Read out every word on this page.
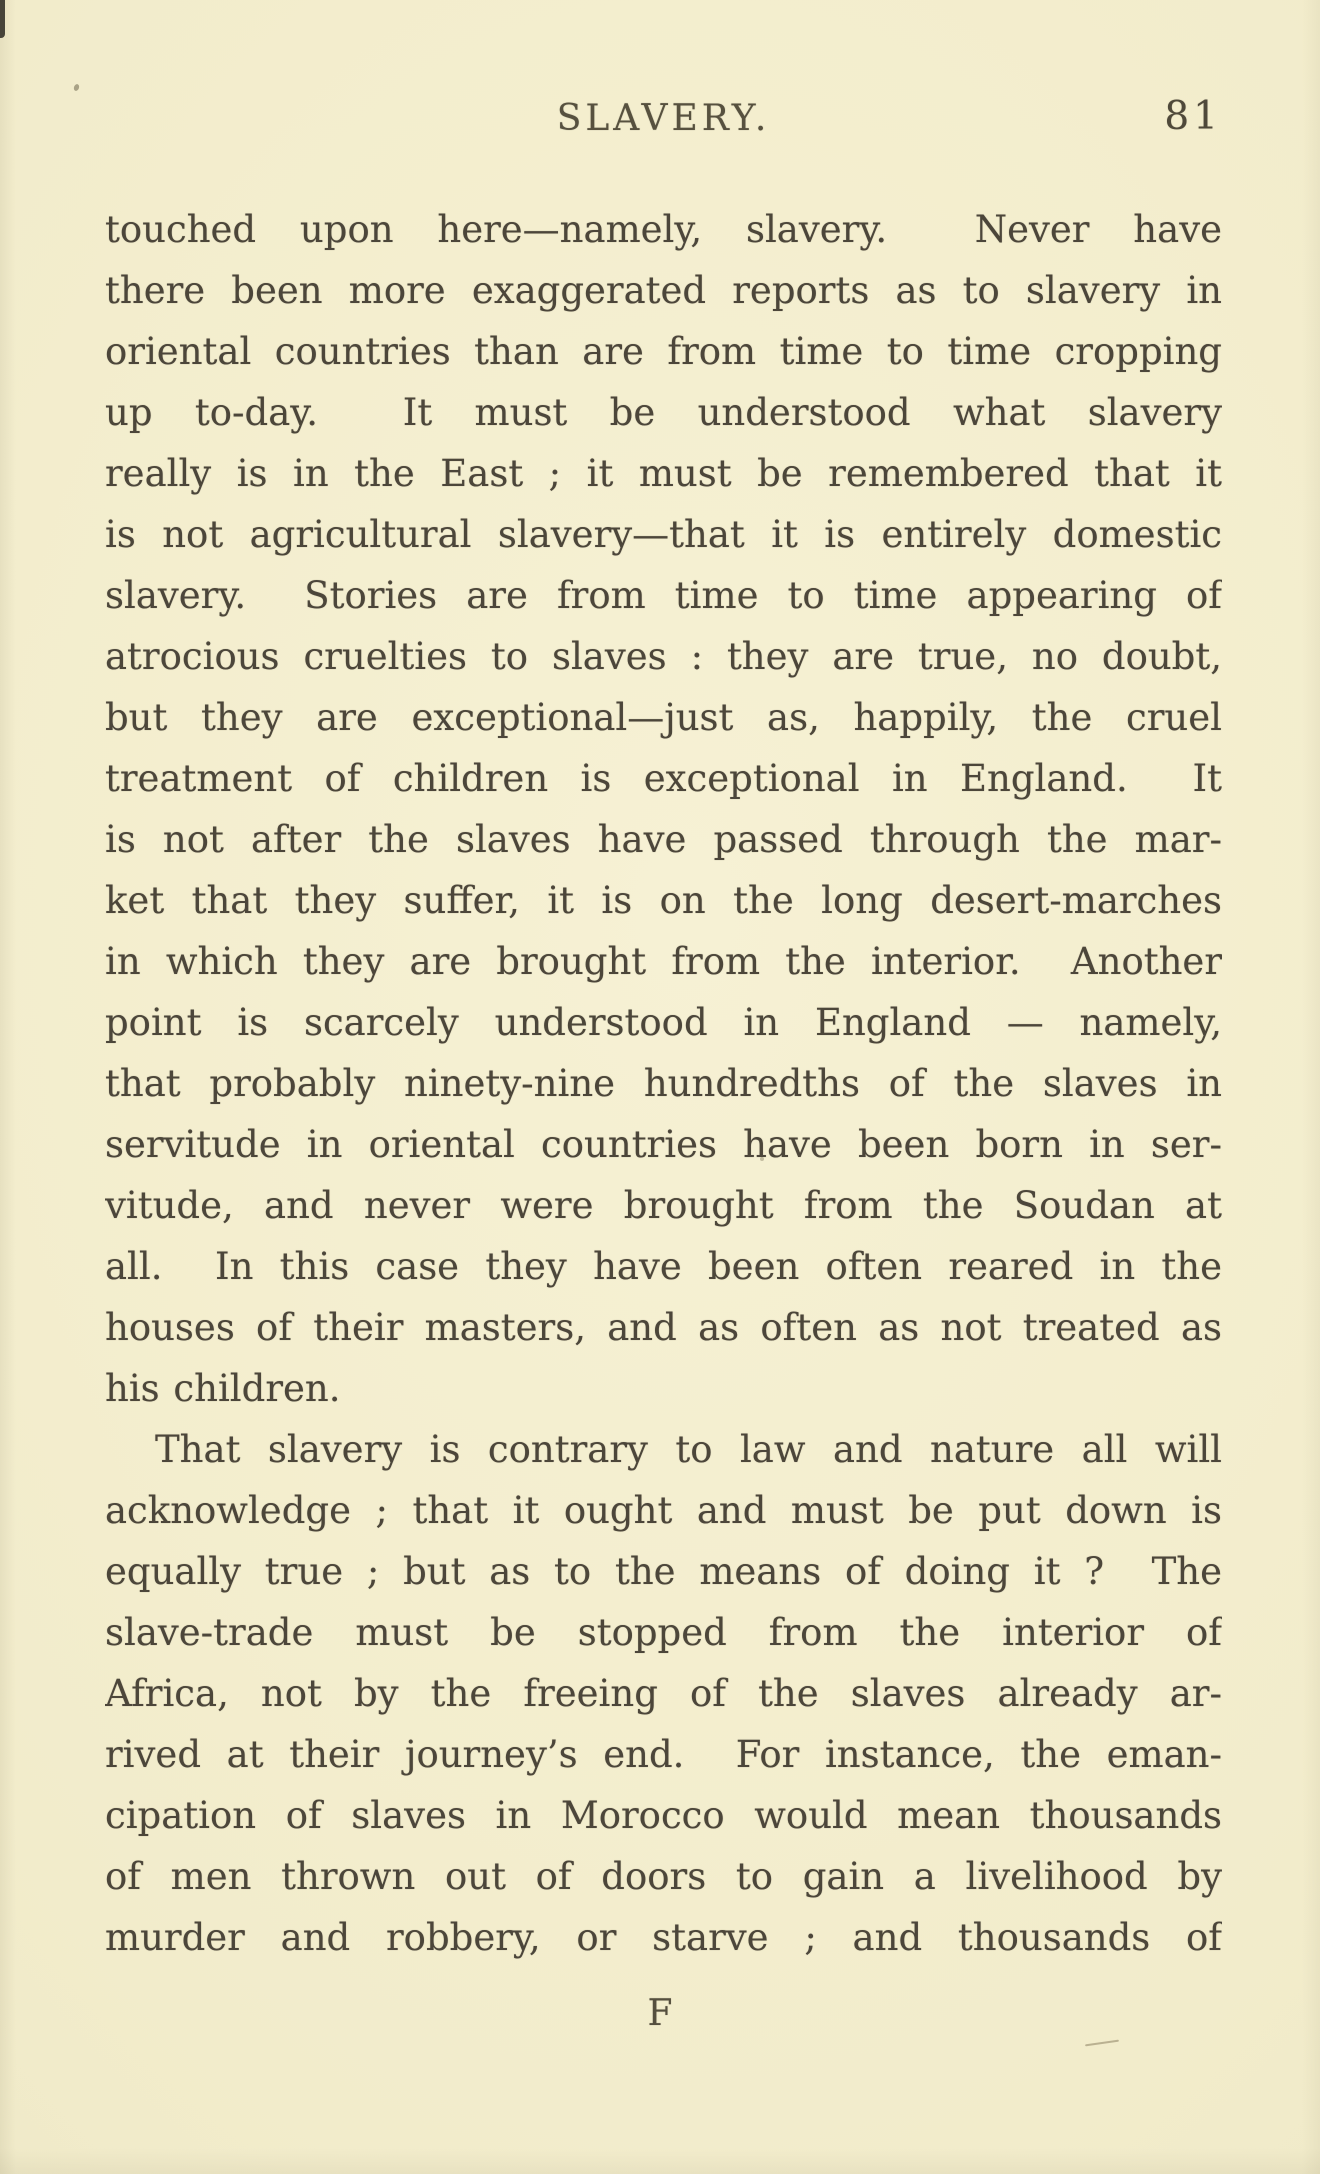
SLAVERY.	81
touched upon here—namely, slavery.  Never have
there been more exaggerated reports as to slavery in
oriental countries than are from time to time cropping
up to-day.  It must be understood what slavery
really is in the East ; it must be remembered that it
is not agricultural slavery—that it is entirely domestic
slavery.  Stories are from time to time appearing of
atrocious cruelties to slaves : they are true, no doubt,
but they are exceptional—just as, happily, the cruel
treatment of children is exceptional in England.  It
is not after the slaves have passed through the mar-
ket that they suffer, it is on the long desert-marches
in which they are brought from the interior.  Another
point is scarcely understood in England — namely,
that probably ninety-nine hundredths of the slaves in
servitude in oriental countries have been born in ser-
vitude, and never were brought from the Soudan at
all.  In this case they have been often reared in the
houses of their masters, and as often as not treated as
his children.
That slavery is contrary to law and nature all will
acknowledge ; that it ought and must be put down is
equally true ; but as to the means of doing it ?  The
slave-trade must be stopped from the interior of
Africa, not by the freeing of the slaves already ar-
rived at their journey’s end.  For instance, the eman-
cipation of slaves in Morocco would mean thousands
of men thrown out of doors to gain a livelihood by
murder and robbery, or starve ; and thousands of
F
